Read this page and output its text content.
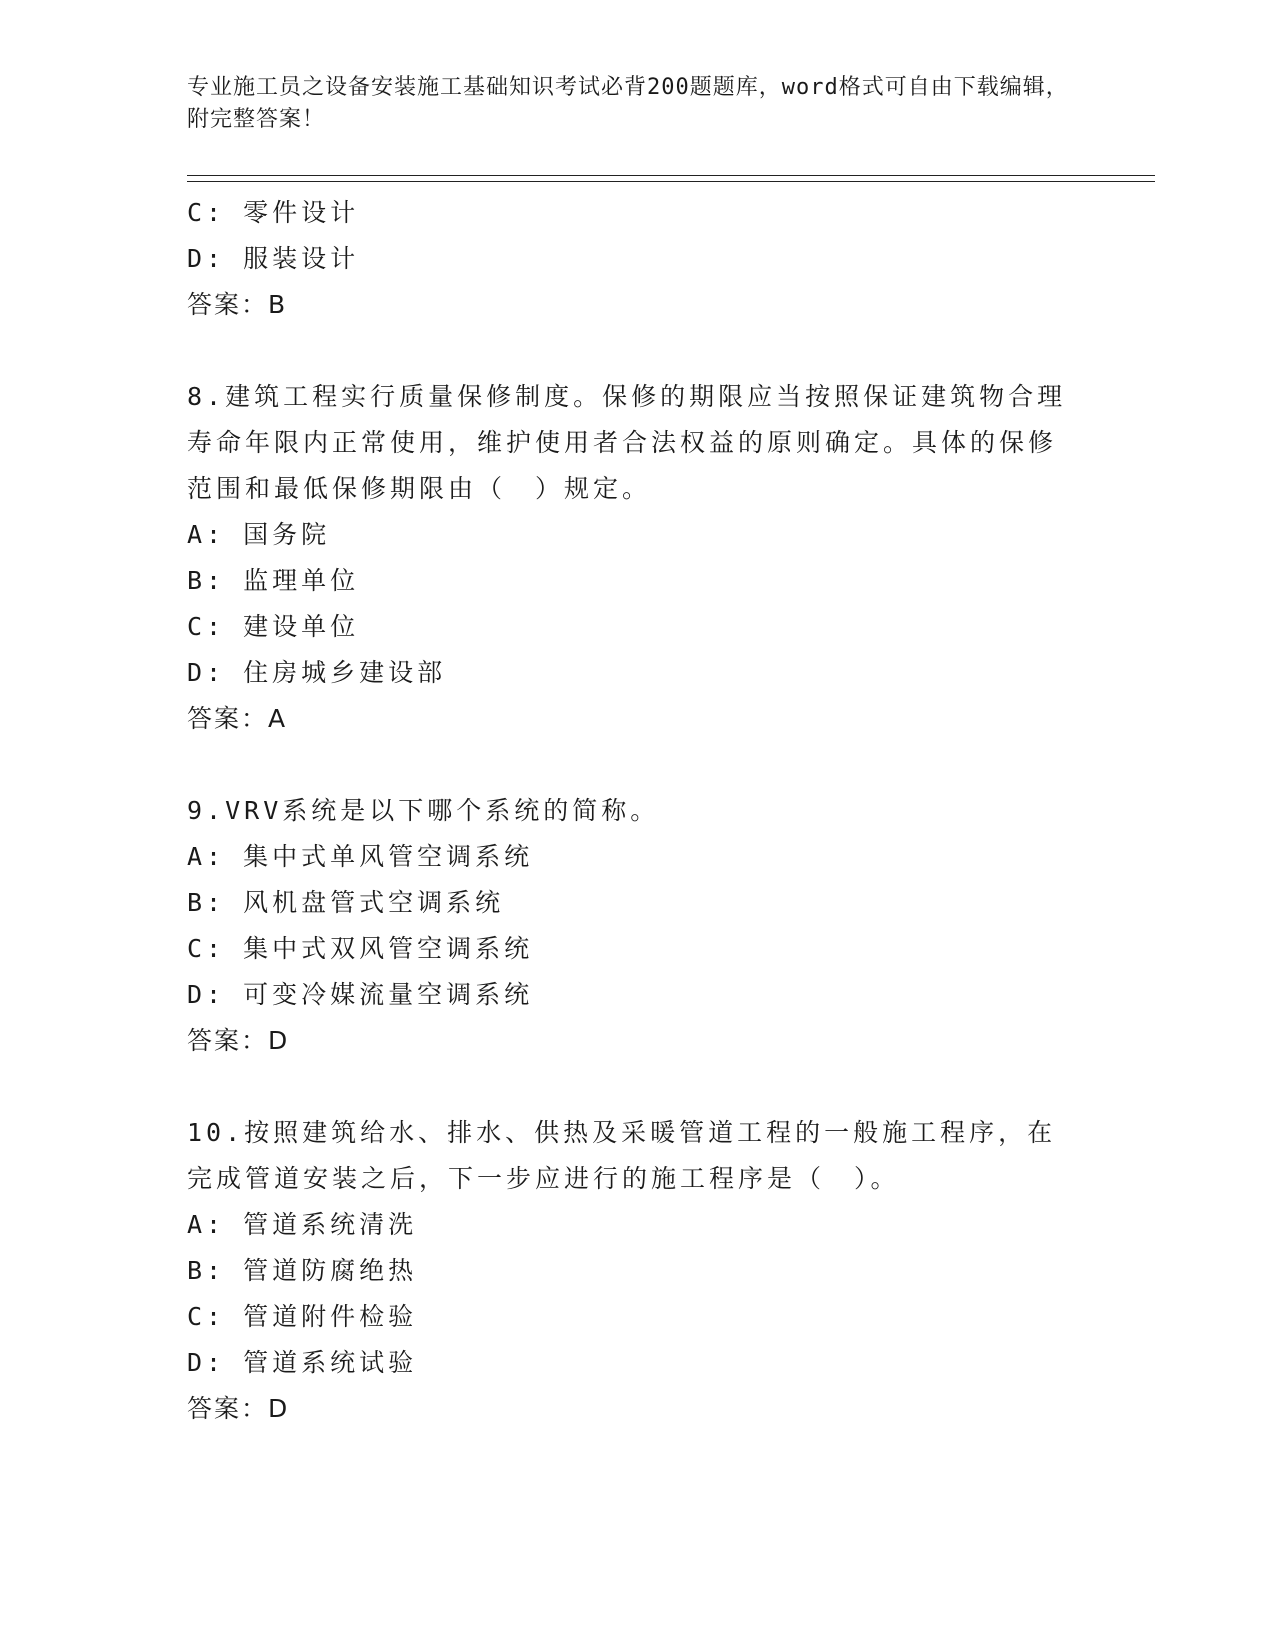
专业施工员之设备安装施工基础知识考试必背200题题库，word格式可自由下载编辑，附完整答案！
C: 零件设计
D: 服装设计
答案：B
8.建筑工程实行质量保修制度。保修的期限应当按照保证建筑物合理寿命年限内正常使用，维护使用者合法权益的原则确定。具体的保修范围和最低保修期限由（　）规定。
A: 国务院
B: 监理单位
C: 建设单位
D: 住房城乡建设部
答案：A
9.VRV系统是以下哪个系统的简称。
A: 集中式单风管空调系统
B: 风机盘管式空调系统
C: 集中式双风管空调系统
D: 可变冷媒流量空调系统
答案：D
10.按照建筑给水、排水、供热及采暖管道工程的一般施工程序，在完成管道安装之后，下一步应进行的施工程序是（　）。
A: 管道系统清洗
B: 管道防腐绝热
C: 管道附件检验
D: 管道系统试验
答案：D
